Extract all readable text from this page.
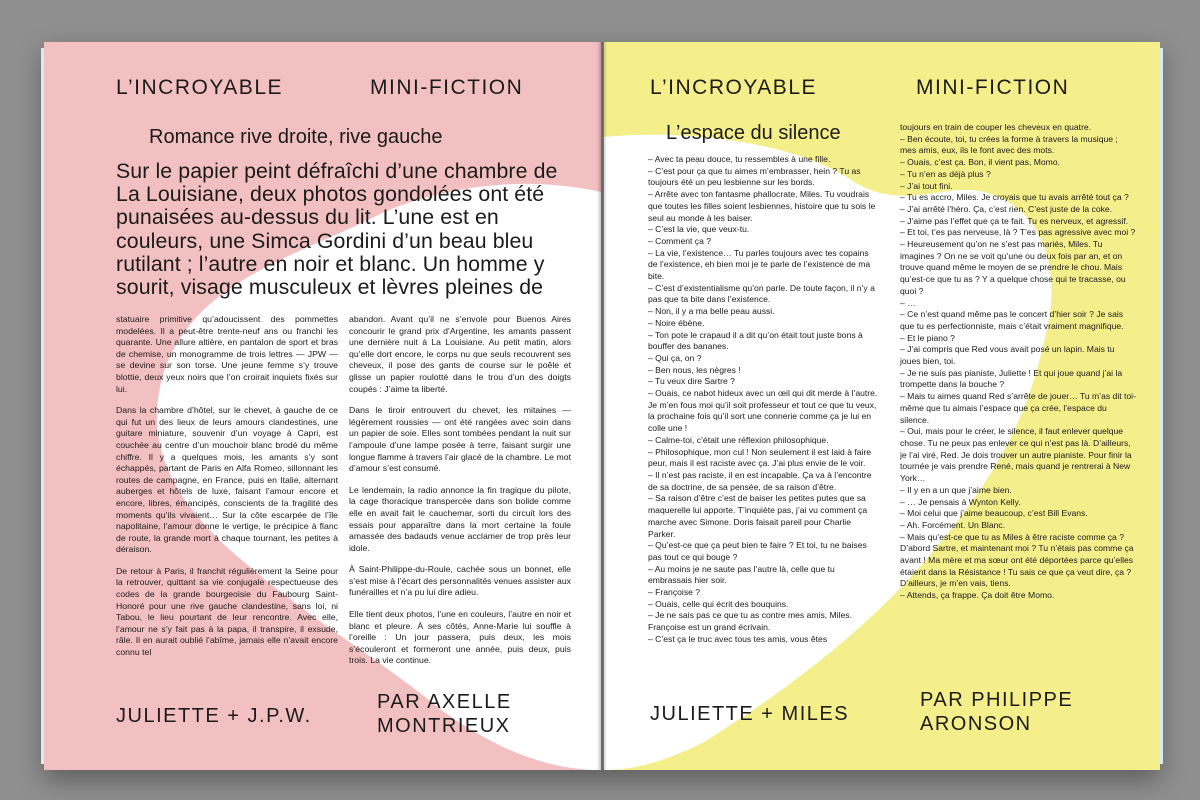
L’INCROYABLE	MINI-FICTION
Romance rive droite, rive gauche
Sur le papier peint défraîchi d’une chambre de La Louisiane, deux photos gondolées ont été punaisées au-dessus du lit. L’une est en couleurs, une Simca Gordini d’un beau bleu rutilant ; l’autre en noir et blanc. Un homme y sourit, visage musculeux et lèvres pleines de

statuaire primitive qu’adoucissent des pommettes modelées. Il a peut-être trente-neuf ans ou franchi les quarante. Une allure altière, en pantalon de sport et bras de chemise, un monogramme de trois lettres — JPW — se devine sur son torse. Une jeune femme s’y trouve blottie, deux yeux noirs que l’on croirait inquiets fixés sur lui.

Dans la chambre d’hôtel, sur le chevet, à gauche de ce qui fut un des lieux de leurs amours clandestines, une guitare miniature, souvenir d’un voyage à Capri, est couchée au centre d’un mouchoir blanc brodé du même chiffre. Il y a quelques mois, les amants s’y sont échappés, partant de Paris en Alfa Romeo, sillonnant les routes de campagne, en France, puis en Italie, alternant auberges et hôtels de luxe, faisant l’amour encore et encore, libres, émancipés, conscients de la fragilité des moments qu’ils vivaient… Sur la côte escarpée de l’île napolitaine, l’amour donne le vertige, le précipice à flanc de route, la grande mort à chaque tournant, les petites à déraison.

De retour à Paris, il franchit régulièrement la Seine pour la retrouver, quittant sa vie conjugale respectueuse des codes de la grande bourgeoisie du Faubourg Saint-Honoré pour une rive gauche clandestine, sans loi, ni Tabou, le lieu pourtant de leur rencontre. Avec elle, l’amour ne s’y fait pas à la papa, il transpire, il exsude, râle. Il en aurait oublié l’abîme, jamais elle n’avait encore connu tel

abandon. Avant qu’il ne s’envole pour Buenos Aires concourir le grand prix d’Argentine, les amants passent une dernière nuit à La Louisiane. Au petit matin, alors qu’elle dort encore, le corps nu que seuls recouvrent ses cheveux, il pose des gants de course sur le poêle et glisse un papier roulotté dans le trou d’un des doigts coupés : J’aime ta liberté.

Dans le tiroir entrouvert du chevet, les mitaines — légèrement roussies — ont été rangées avec soin dans un papier de soie. Elles sont tombées pendant la nuit sur l’ampoule d’une lampe posée à terre, faisant surgir une longue flamme à travers l’air glacé de la chambre. Le mot d’amour s’est consumé.

Le lendemain, la radio annonce la fin tragique du pilote, la cage thoracique transpercée dans son bolide comme elle en avait fait le cauchemar, sorti du circuit lors des essais pour apparaître dans la mort certaine la foule amassée des badauds venue acclamer de trop près leur idole.

À Saint-Philippe-du-Roule, cachée sous un bonnet, elle s’est mise à l’écart des personnalités venues assister aux funérailles et n’a pu lui dire adieu.

Elle tient deux photos, l’une en couleurs, l’autre en noir et blanc et pleure. À ses côtés, Anne-Marie lui souffle à l’oreille : Un jour passera, puis deux, les mois s’écouleront et formeront une année, puis deux, puis trois. La vie continue.

JULIETTE + J.P.W.
PAR AXELLE
MONTRIEUX
L’INCROYABLE	MINI-FICTION
L’espace du silence
– Avec ta peau douce, tu ressembles à une fille.
– C’est pour ça que tu aimes m’embrasser, hein ? Tu as toujours été un peu lesbienne sur les bords.
– Arrête avec ton fantasme phallocrate, Miles. Tu voudrais que toutes les filles soient lesbiennes, histoire que tu sois le seul au monde à les baiser.
– C’est la vie, que veux-tu.
– Comment ça ?
– La vie, l’existence… Tu parles toujours avec tes copains de l’existence, eh bien moi je te parle de l’existence de ma bite.
– C’est d’existentialisme qu’on parle. De toute façon, il n’y a pas que ta bite dans l’existence.
– Non, il y a ma belle peau aussi.
– Noire ébène.
– Ton pote le crapaud il a dit qu’on était tout juste bons à bouffer des bananes.
– Qui ça, on ?
– Ben nous, les nègres !
– Tu veux dire Sartre ?
– Ouais, ce nabot hideux avec un œil qui dit merde à l’autre. Je m’en fous moi qu’il soit professeur et tout ce que tu veux, la prochaine fois qu’il sort une connerie comme ça je lui en colle une !
– Calme-toi, c’était une réflexion philosophique.
– Philosophique, mon cul ! Non seulement il est laid à faire peur, mais il est raciste avec ça. J’ai plus envie de le voir.
– Il n’est pas raciste, il en est incapable. Ça va à l’encontre de sa doctrine, de sa pensée, de sa raison d’être.
– Sa raison d’être c’est de baiser les petites putes que sa maquerelle lui apporte. T’inquiète pas, j’ai vu comment ça marche avec Simone. Doris faisait pareil pour Charlie Parker.
– Qu’est-ce que ça peut bien te faire ? Et toi, tu ne baises pas tout ce qui bouge ?
– Au moins je ne saute pas l’autre là, celle que tu embrassais hier soir.
– Françoise ?
– Ouais, celle qui écrit des bouquins.
– Je ne sais pas ce que tu as contre mes amis, Miles. Françoise est un grand écrivain.
– C’est ça le truc avec tous tes amis, vous êtes
toujours en train de couper les cheveux en quatre.
– Ben écoute, toi, tu crées la forme à travers la musique ; mes amis, eux, ils le font avec des mots.
– Ouais, c’est ça. Bon, il vient pas, Momo.
– Tu n’en as déjà plus ?
– J’ai tout fini.
– Tu es accro, Miles. Je croyais que tu avais arrêté tout ça ?
– J’ai arrêté l’héro. Ça, c’est rien. C’est juste de la coke.
– J’aime pas l’effet que ça te fait. Tu es nerveux, et agressif.
– Et toi, t’es pas nerveuse, là ? T’es pas agressive avec moi ?
– Heureusement qu’on ne s’est pas mariés, Miles. Tu imagines ? On ne se voit qu’une ou deux fois par an, et on trouve quand même le moyen de se prendre le chou. Mais qu’est-ce que tu as ? Y a quelque chose qui te tracasse, ou quoi ?
– …
– Ce n’est quand même pas le concert d’hier soir ? Je sais que tu es perfectionniste, mais c’était vraiment magnifique.
– Et le piano ?
– J’ai compris que Red vous avait posé un lapin. Mais tu joues bien, toi.
– Je ne suis pas pianiste, Juliette ! Et qui joue quand j’ai la trompette dans la bouche ?
– Mais tu aimes quand Red s’arrête de jouer… Tu m’as dit toi-même que tu aimais l’espace que ça crée, l’espace du silence.
– Oui, mais pour le créer, le silence, il faut enlever quelque chose. Tu ne peux pas enlever ce qui n’est pas là. D’ailleurs, je l’ai viré, Red. Je dois trouver un autre pianiste. Pour finir la tournée je vais prendre René, mais quand je rentrerai à New York…
– Il y en a un que j’aime bien.
– … Je pensais à Wynton Kelly.
– Moi celui que j’aime beaucoup, c’est Bill Evans.
– Ah. Forcément. Un Blanc.
– Mais qu’est-ce que tu as Miles à être raciste comme ça ? D’abord Sartre, et maintenant moi ? Tu n’étais pas comme ça avant ! Ma mère et ma sœur ont été déportées parce qu’elles étaient dans la Résistance ! Tu sais ce que ça veut dire, ça ? D’ailleurs, je m’en vais, tiens.
– Attends, ça frappe. Ça doit être Momo.
JULIETTE + MILES
PAR PHILIPPE
ARONSON
